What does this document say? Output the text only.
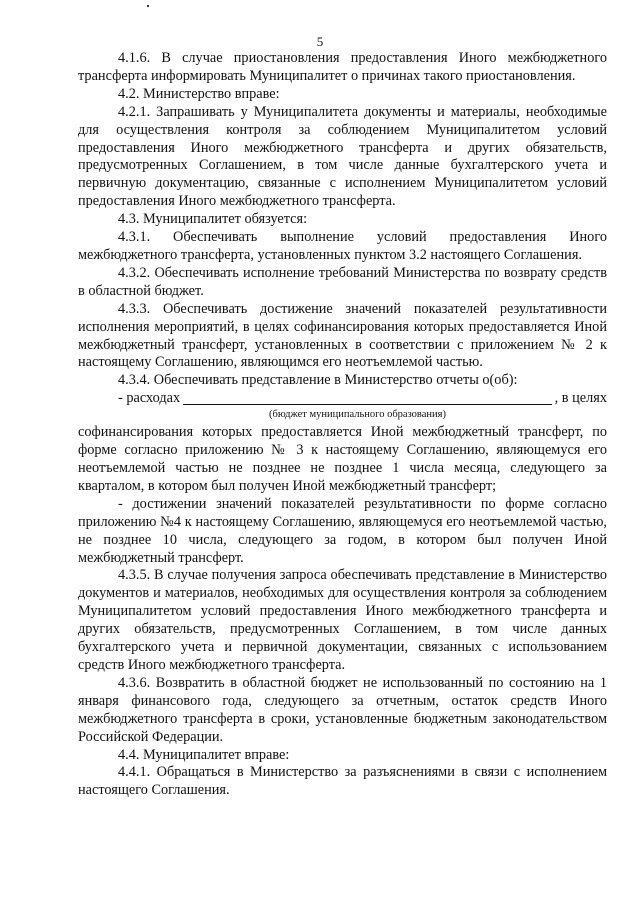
5

4.1.6. В случае приостановления предоставления Иного межбюджетного трансферта информировать Муниципалитет о причинах такого приостановления.

4.2. Министерство вправе:

4.2.1. Запрашивать у Муниципалитета документы и материалы, необходимые для осуществления контроля за соблюдением Муниципалитетом условий предоставления Иного межбюджетного трансферта и других обязательств, предусмотренных Соглашением, в том числе данные бухгалтерского учета и первичную документацию, связанные с исполнением Муниципалитетом условий предоставления Иного межбюджетного трансферта.

4.3. Муниципалитет обязуется:

4.3.1. Обеспечивать выполнение условий предоставления Иного межбюджетного трансферта, установленных пунктом 3.2 настоящего Соглашения.

4.3.2. Обеспечивать исполнение требований Министерства по возврату средств в областной бюджет.

4.3.3. Обеспечивать достижение значений показателей результативности исполнения мероприятий, в целях софинансирования которых предоставляется Иной межбюджетный трансферт, установленных в соответствии с приложением № 2 к настоящему Соглашению, являющимся его неотъемлемой частью.

4.3.4. Обеспечивать представление в Министерство отчеты о(об):

- расходах	, в целях
(бюджет муниципального образования)

софинансирования которых предоставляется Иной межбюджетный трансферт, по форме согласно приложению № 3 к настоящему Соглашению, являющемуся его неотъемлемой частью не позднее не позднее 1 числа месяца, следующего за кварталом, в котором был получен Иной межбюджетный трансферт;

- достижении значений показателей результативности по форме согласно приложению №4 к настоящему Соглашению, являющемуся его неотъемлемой частью, не позднее 10 числа, следующего за годом, в котором был получен Иной межбюджетный трансферт.

4.3.5. В случае получения запроса обеспечивать представление в Министерство документов и материалов, необходимых для осуществления контроля за соблюдением Муниципалитетом условий предоставления Иного межбюджетного трансферта и других обязательств, предусмотренных Соглашением, в том числе данных бухгалтерского учета и первичной документации, связанных с использованием средств Иного межбюджетного трансферта.

4.3.6. Возвратить в областной бюджет не использованный по состоянию на 1 января финансового года, следующего за отчетным, остаток средств Иного межбюджетного трансферта в сроки, установленные бюджетным законодательством Российской Федерации.

4.4. Муниципалитет вправе:

4.4.1. Обращаться в Министерство за разъяснениями в связи с исполнением настоящего Соглашения.
